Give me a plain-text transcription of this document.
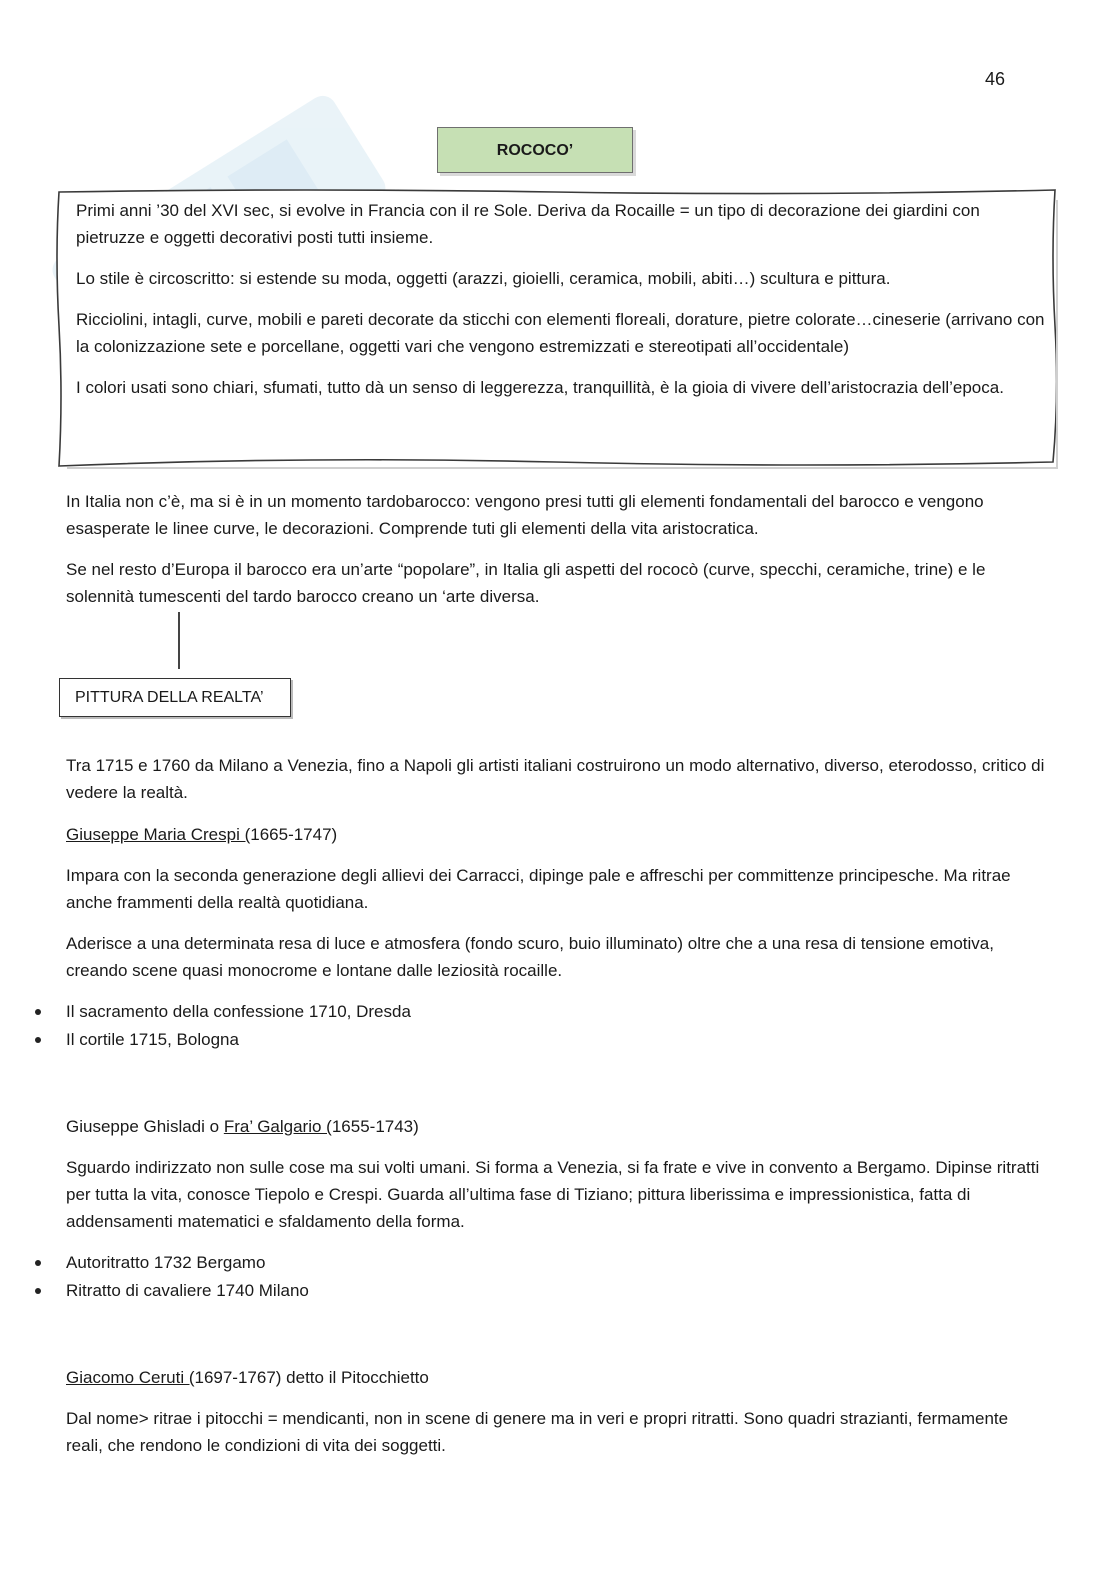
46
ROCOCO’

Primi anni ’30 del XVI sec, si evolve in Francia con il re Sole. Deriva da Rocaille = un tipo di decorazione dei giardini con pietruzze e oggetti decorativi posti tutti insieme.

Lo stile è circoscritto: si estende su moda, oggetti (arazzi, gioielli, ceramica, mobili, abiti…) scultura e pittura.

Ricciolini, intagli, curve, mobili e pareti decorate da sticchi con elementi floreali, dorature, pietre colorate…cineserie (arrivano con la colonizzazione sete e porcellane, oggetti vari che vengono estremizzati e stereotipati all’occidentale)

I colori usati sono chiari, sfumati, tutto dà un senso di leggerezza, tranquillità, è la gioia di vivere dell’aristocrazia dell’epoca.

In Italia non c’è, ma si è in un momento tardobarocco: vengono presi tutti gli elementi fondamentali del barocco e vengono esasperate le linee curve, le decorazioni. Comprende tuti gli elementi della vita aristocratica.

Se nel resto d’Europa il barocco era un’arte “popolare”, in Italia gli aspetti del rococò (curve, specchi, ceramiche, trine) e le solennità tumescenti del tardo barocco creano un ‘arte diversa.

PITTURA DELLA REALTA’

Tra 1715 e 1760 da Milano a Venezia, fino a Napoli gli artisti italiani costruirono un modo alternativo, diverso, eterodosso, critico di vedere la realtà.

Giuseppe Maria Crespi (1665-1747)

Impara con la seconda generazione degli allievi dei Carracci, dipinge pale e affreschi per committenze principesche. Ma ritrae anche frammenti della realtà quotidiana.

Aderisce a una determinata resa di luce e atmosfera (fondo scuro, buio illuminato) oltre che a una resa di tensione emotiva, creando scene quasi monocrome e lontane dalle leziosità rocaille.

Il sacramento della confessione 1710, Dresda
Il cortile 1715, Bologna

Giuseppe Ghisladi o Fra’ Galgario (1655-1743)

Sguardo indirizzato non sulle cose ma sui volti umani. Si forma a Venezia, si fa frate e vive in convento a Bergamo. Dipinse ritratti per tutta la vita, conosce Tiepolo e Crespi. Guarda all’ultima fase di Tiziano; pittura liberissima e impressionistica, fatta di addensamenti matematici e sfaldamento della forma.

Autoritratto 1732 Bergamo
Ritratto di cavaliere 1740 Milano

Giacomo Ceruti (1697-1767) detto il Pitocchietto

Dal nome> ritrae i pitocchi = mendicanti, non in scene di genere ma in veri e propri ritratti. Sono quadri strazianti, fermamente reali, che rendono le condizioni di vita dei soggetti.
